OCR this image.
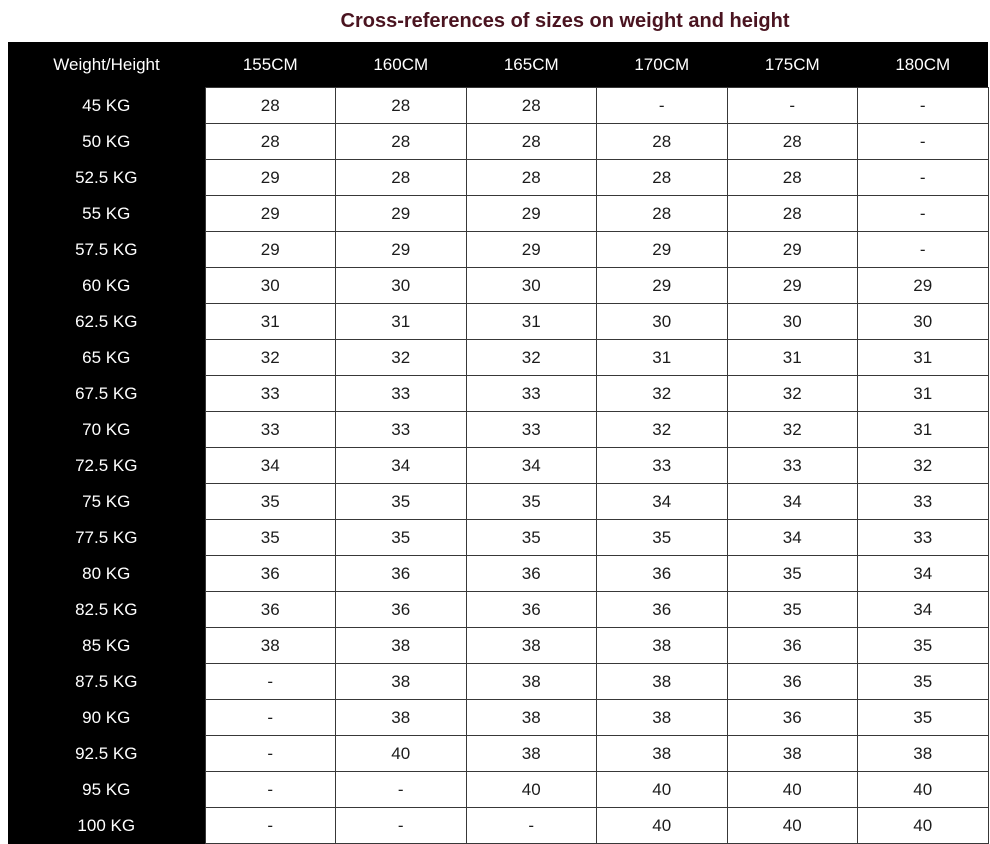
Cross-references of sizes on weight and height
Weight/Height	155CM	160CM	165CM	170CM	175CM	180CM
45 KG	28	28	28	-	-	-
50 KG	28	28	28	28	28	-
52.5 KG	29	28	28	28	28	-
55 KG	29	29	29	28	28	-
57.5 KG	29	29	29	29	29	-
60 KG	30	30	30	29	29	29
62.5 KG	31	31	31	30	30	30
65 KG	32	32	32	31	31	31
67.5 KG	33	33	33	32	32	31
70 KG	33	33	33	32	32	31
72.5 KG	34	34	34	33	33	32
75 KG	35	35	35	34	34	33
77.5 KG	35	35	35	35	34	33
80 KG	36	36	36	36	35	34
82.5 KG	36	36	36	36	35	34
85 KG	38	38	38	38	36	35
87.5 KG	-	38	38	38	36	35
90 KG	-	38	38	38	36	35
92.5 KG	-	40	38	38	38	38
95 KG	-	-	40	40	40	40
100 KG	-	-	-	40	40	40
